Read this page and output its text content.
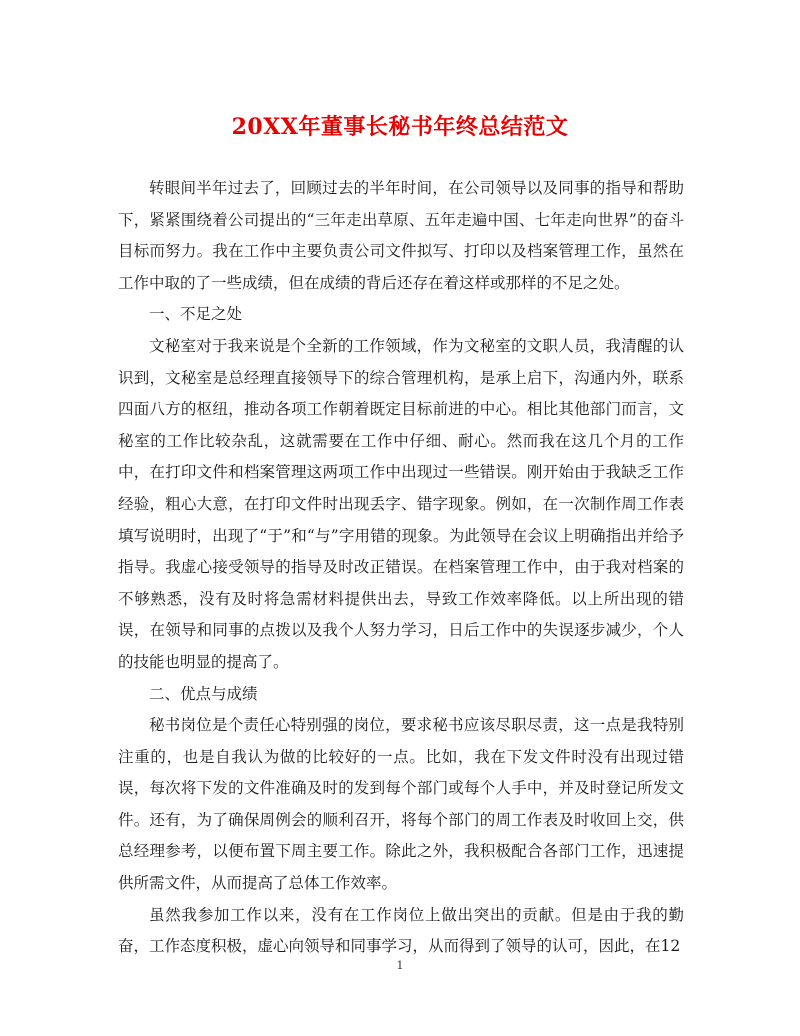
20XX年董事长秘书年终总结范文

转眼间半年过去了，回顾过去的半年时间，在公司领导以及同事的指导和帮助下，紧紧围绕着公司提出的“三年走出草原、五年走遍中国、七年走向世界”的奋斗目标而努力。我在工作中主要负责公司文件拟写、打印以及档案管理工作，虽然在工作中取的了一些成绩，但在成绩的背后还存在着这样或那样的不足之处。

一、不足之处

文秘室对于我来说是个全新的工作领域，作为文秘室的文职人员，我清醒的认识到，文秘室是总经理直接领导下的综合管理机构，是承上启下，沟通内外，联系四面八方的枢纽，推动各项工作朝着既定目标前进的中心。相比其他部门而言，文秘室的工作比较杂乱，这就需要在工作中仔细、耐心。然而我在这几个月的工作中，在打印文件和档案管理这两项工作中出现过一些错误。刚开始由于我缺乏工作经验，粗心大意，在打印文件时出现丢字、错字现象。例如，在一次制作周工作表填写说明时，出现了“于”和“与”字用错的现象。为此领导在会议上明确指出并给予指导。我虚心接受领导的指导及时改正错误。在档案管理工作中，由于我对档案的不够熟悉，没有及时将急需材料提供出去，导致工作效率降低。以上所出现的错误，在领导和同事的点拨以及我个人努力学习，日后工作中的失误逐步减少，个人的技能也明显的提高了。

二、优点与成绩

秘书岗位是个责任心特别强的岗位，要求秘书应该尽职尽责，这一点是我特别注重的，也是自我认为做的比较好的一点。比如，我在下发文件时没有出现过错误，每次将下发的文件准确及时的发到每个部门或每个人手中，并及时登记所发文件。还有，为了确保周例会的顺利召开，将每个部门的周工作表及时收回上交，供总经理参考，以便布置下周主要工作。除此之外，我积极配合各部门工作，迅速提供所需文件，从而提高了总体工作效率。

虽然我参加工作以来，没有在工作岗位上做出突出的贡献。但是由于我的勤奋，工作态度积极，虚心向领导和同事学习，从而得到了领导的认可，因此，在12

1
